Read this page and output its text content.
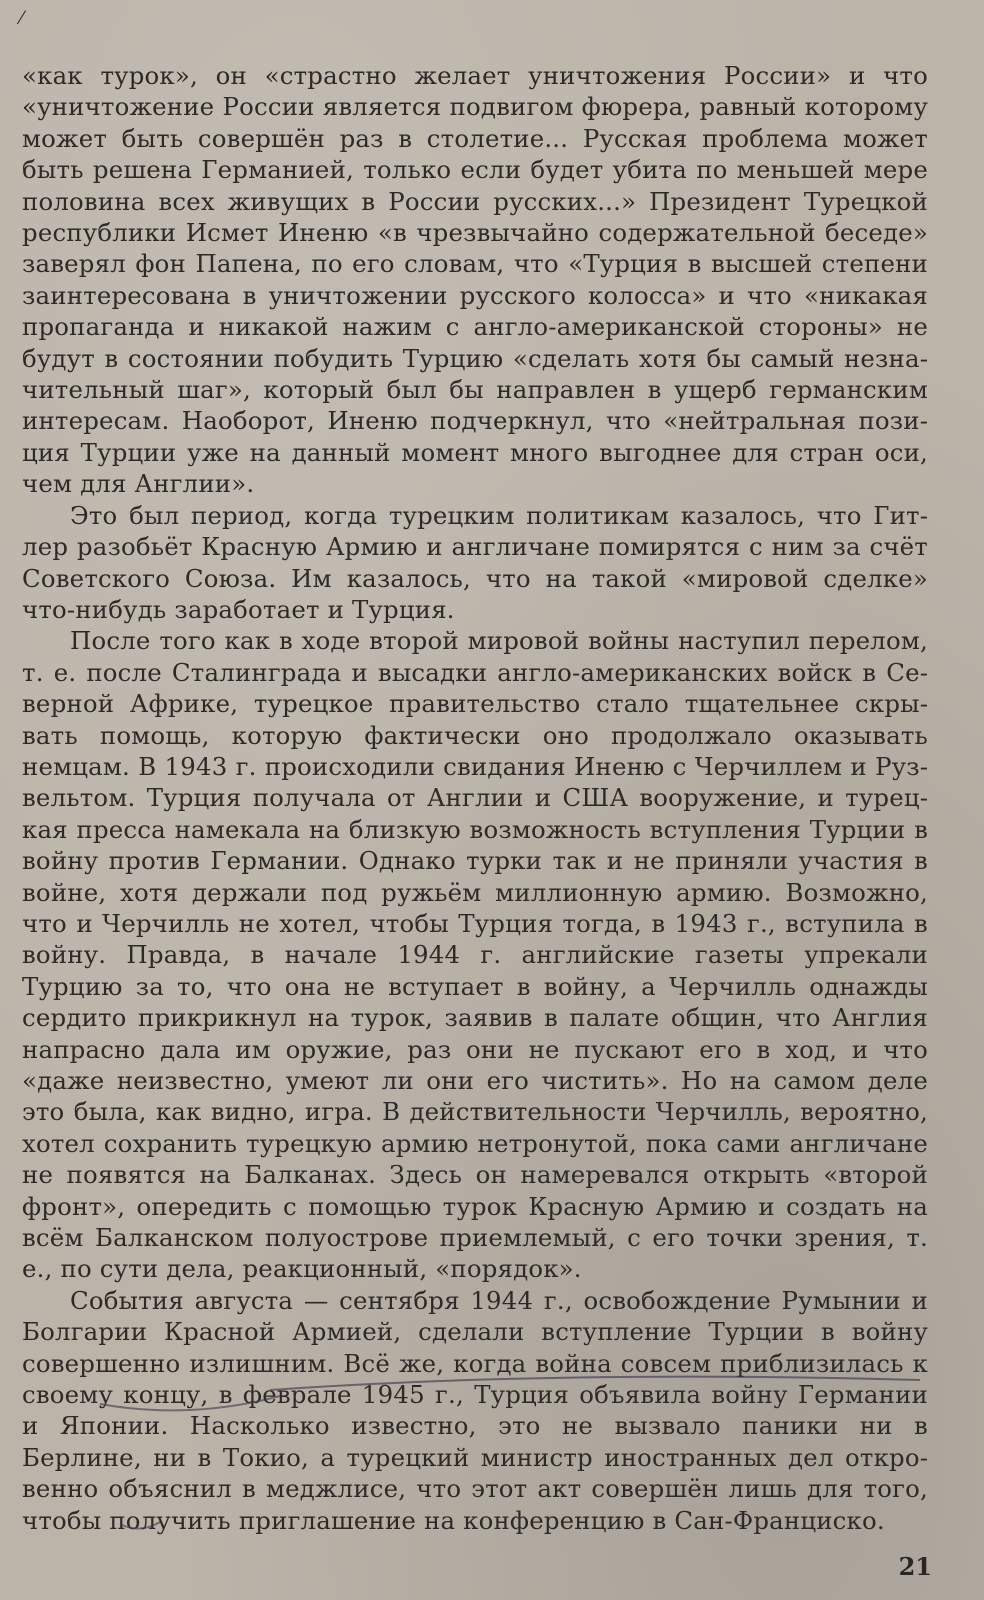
⁄

«как турок», он «страстно желает уничтожения России» и что «уничтожение России является подвигом фюрера, равный которому может быть совершён раз в столетие... Русская проблема может быть решена Германией, только если будет убита по меньшей мере половина всех живущих в России русских...» Президент Турецкой республики Исмет Иненю «в чрезвычайно содержательной беседе» заверял фон Папена, по его словам, что «Турция в высшей степени заинтересована в уничтожении русского колосса» и что «никакая пропаганда и никакой нажим с англо-американской стороны» не будут в состоянии побудить Турцию «сделать хотя бы самый незначительный шаг», который был бы направлен в ущерб германским интересам. Наоборот, Иненю подчеркнул, что «нейтральная позиция Турции уже на данный момент много выгоднее для стран оси, чем для Англии».

Это был период, когда турецким политикам казалось, что Гитлер разобьёт Красную Армию и англичане помирятся с ним за счёт Советского Союза. Им казалось, что на такой «мировой сделке» что-нибудь заработает и Турция.

После того как в ходе второй мировой войны наступил перелом, т. е. после Сталинграда и высадки англо-американских войск в Северной Африке, турецкое правительство стало тщательнее скрывать помощь, которую фактически оно продолжало оказывать немцам. В 1943 г. происходили свидания Иненю с Черчиллем и Рузвельтом. Турция получала от Англии и США вооружение, и турецкая пресса намекала на близкую возможность вступления Турции в войну против Германии. Однако турки так и не приняли участия в войне, хотя держали под ружьём миллионную армию. Возможно, что и Черчилль не хотел, чтобы Турция тогда, в 1943 г., вступила в войну. Правда, в начале 1944 г. английские газеты упрекали Турцию за то, что она не вступает в войну, а Черчилль однажды сердито прикрикнул на турок, заявив в палате общин, что Англия напрасно дала им оружие, раз они не пускают его в ход, и что «даже неизвестно, умеют ли они его чистить». Но на самом деле это была, как видно, игра. В действительности Черчилль, вероятно, хотел сохранить турецкую армию нетронутой, пока сами англичане не появятся на Балканах. Здесь он намеревался открыть «второй фронт», опередить с помощью турок Красную Армию и создать на всём Балканском полуострове приемлемый, с его точки зрения, т. е., по сути дела, реакционный, «порядок».

События августа — сентября 1944 г., освобождение Румынии и Болгарии Красной Армией, сделали вступление Турции в войну совершенно излишним. Всё же, когда война совсем приблизилась к своему концу, в феврале 1945 г., Турция объявила войну Германии и Японии. Насколько известно, это не вызвало паники ни в Берлине, ни в Токио, а турецкий министр иностранных дел откровенно объяснил в меджлисе, что этот акт совершён лишь для того, чтобы получить приглашение на конференцию в Сан-Франциско.

21
